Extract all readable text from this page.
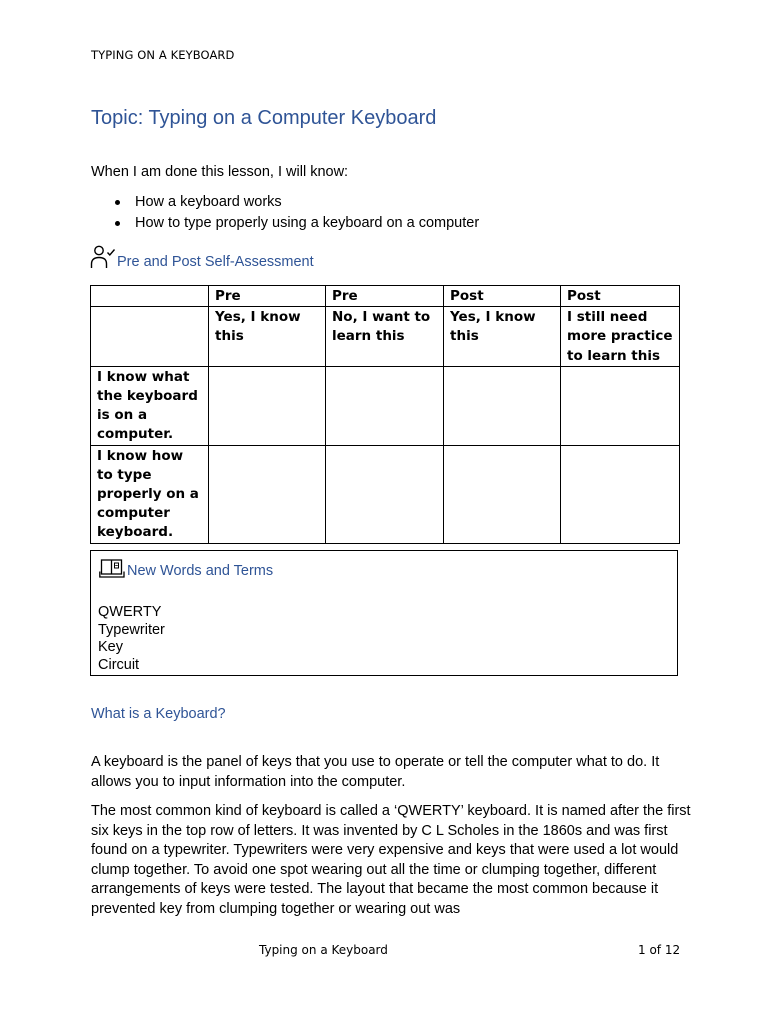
TYPING ON A KEYBOARD
Topic: Typing on a Computer Keyboard
When I am done this lesson, I will know:
How a keyboard works
How to type properly using a keyboard on a computer
Pre and Post Self-Assessment
	Pre	Pre	Post	Post
	Yes, I know this	No, I want to learn this	Yes, I know this	I still need more practice to learn this
I know what the keyboard is on a computer.				
I know how to type properly on a computer keyboard.				
New Words and Terms
QWERTY
Typewriter
Key
Circuit
What is a Keyboard?
A keyboard is the panel of keys that you use to operate or tell the computer what to do. It allows you to input information into the computer.
The most common kind of keyboard is called a ‘QWERTY’ keyboard. It is named after the first six keys in the top row of letters. It was invented by C L Scholes in the 1860s and was first found on a typewriter. Typewriters were very expensive and keys that were used a lot would clump together. To avoid one spot wearing out all the time or clumping together, different arrangements of keys were tested. The layout that became the most common because it prevented key from clumping together or wearing out was
Typing on a Keyboard	1 of 12
